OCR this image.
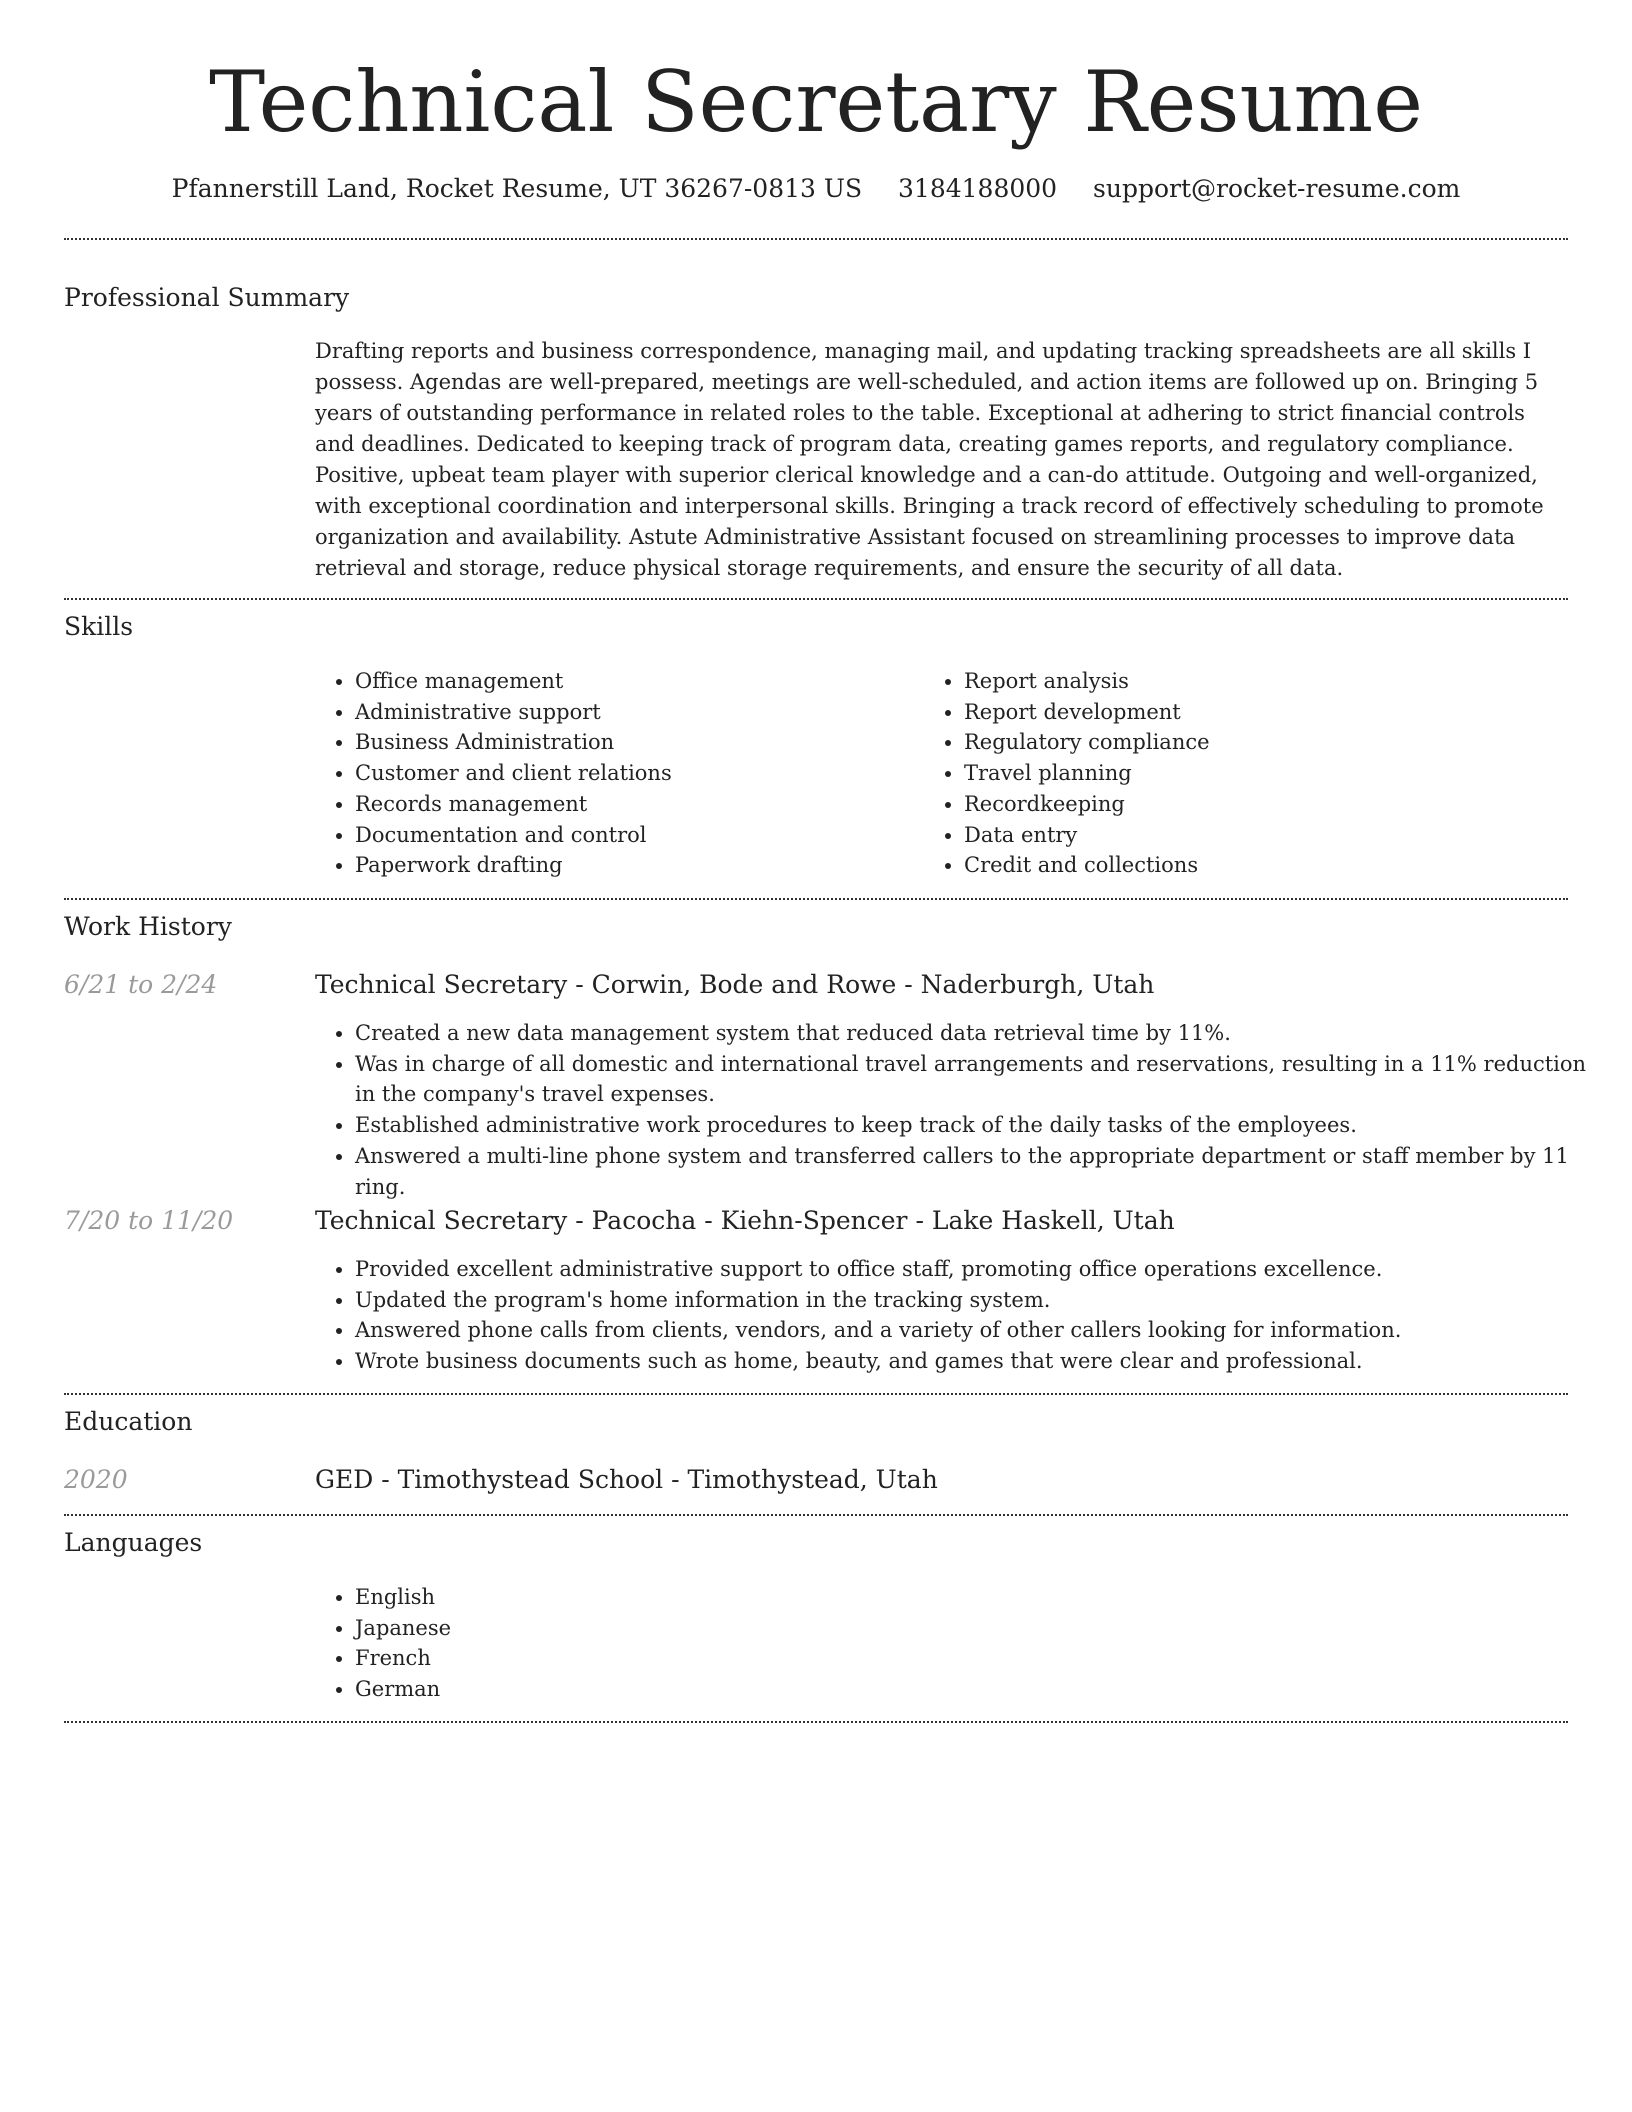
Technical Secretary Resume
Pfannerstill Land, Rocket Resume, UT 36267-0813 US 3184188000 support@rocket-resume.com
Professional Summary

Drafting reports and business correspondence, managing mail, and updating tracking spreadsheets are all skills I possess. Agendas are well-prepared, meetings are well-scheduled, and action items are followed up on. Bringing 5 years of outstanding performance in related roles to the table. Exceptional at adhering to strict financial controls and deadlines. Dedicated to keeping track of program data, creating games reports, and regulatory compliance. Positive, upbeat team player with superior clerical knowledge and a can-do attitude. Outgoing and well-organized, with exceptional coordination and interpersonal skills. Bringing a track record of effectively scheduling to promote organization and availability. Astute Administrative Assistant focused on streamlining processes to improve data retrieval and storage, reduce physical storage requirements, and ensure the security of all data.

Skills
• Office management
• Administrative support
• Business Administration
• Customer and client relations
• Records management
• Documentation and control
• Paperwork drafting
• Report analysis
• Report development
• Regulatory compliance
• Travel planning
• Recordkeeping
• Data entry
• Credit and collections
Work History
6/21 to 2/24	Technical Secretary - Corwin, Bode and Rowe - Naderburgh, Utah
• Created a new data management system that reduced data retrieval time by 11%.
• Was in charge of all domestic and international travel arrangements and reservations, resulting in a 11% reduction in the company's travel expenses.
• Established administrative work procedures to keep track of the daily tasks of the employees.
• Answered a multi-line phone system and transferred callers to the appropriate department or staff member by 11 ring.
7/20 to 11/20	Technical Secretary - Pacocha - Kiehn-Spencer - Lake Haskell, Utah
• Provided excellent administrative support to office staff, promoting office operations excellence.
• Updated the program's home information in the tracking system.
• Answered phone calls from clients, vendors, and a variety of other callers looking for information.
• Wrote business documents such as home, beauty, and games that were clear and professional.
Education
2020	GED - Timothystead School - Timothystead, Utah
Languages
• English
• Japanese
• French
• German
